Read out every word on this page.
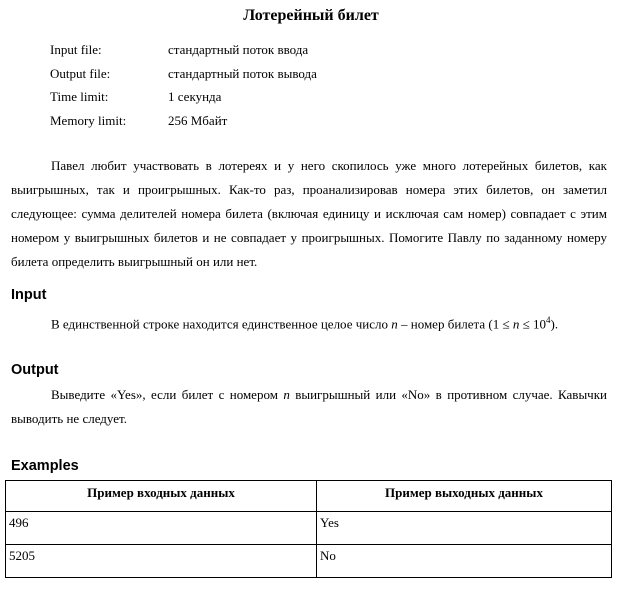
Лотерейный билет
Input file:	стандартный поток ввода
Output file:	стандартный поток вывода
Time limit:	1 секунда
Memory limit:	256 Мбайт

Павел любит участвовать в лотереях и у него скопилось уже много лотерейных билетов, как выигрышных, так и проигрышных. Как-то раз, проанализировав номера этих билетов, он заметил следующее: сумма делителей номера билета (включая единицу и исключая сам номер) совпадает с этим номером у выигрышных билетов и не совпадает у проигрышных. Помогите Павлу по заданному номеру билета определить выигрышный он или нет.

Input

В единственной строке находится единственное целое число n – номер билета $(1 \le n \le 10^4)$.

Output

Выведите «Yes», если билет с номером n выигрышный или «No» в противном случае. Кавычки выводить не следует.

Examples
Пример входных данных	Пример выходных данных
496	Yes
5205	No
